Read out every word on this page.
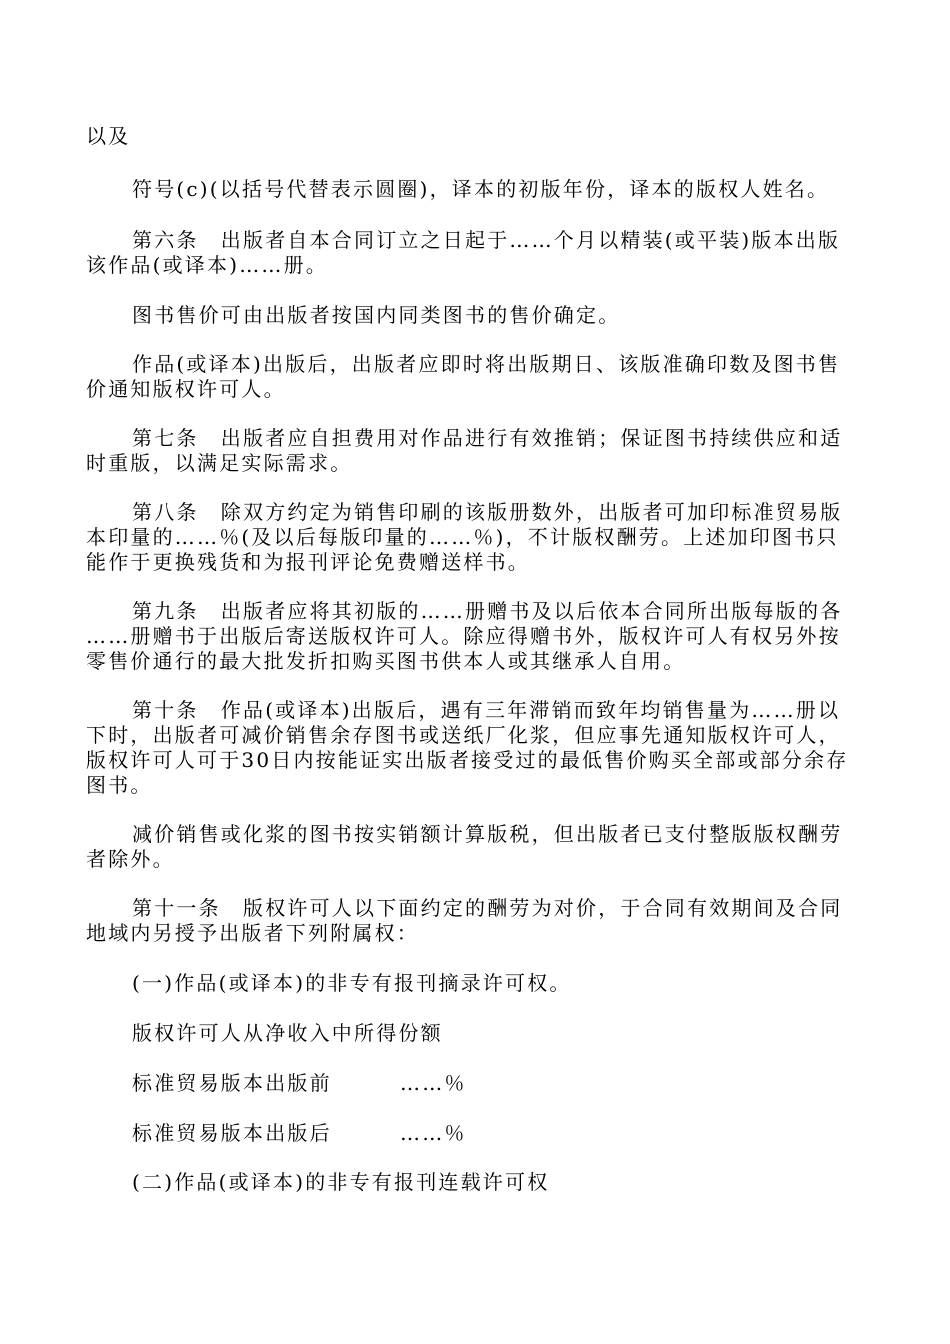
以及

符号(c)(以括号代替表示圆圈)，译本的初版年份，译本的版权人姓名。

第六条　出版者自本合同订立之日起于……个月以精装(或平装)版本出版
该作品(或译本)……册。

图书售价可由出版者按国内同类图书的售价确定。

作品(或译本)出版后，出版者应即时将出版期日、该版准确印数及图书售
价通知版权许可人。

第七条　出版者应自担费用对作品进行有效推销；保证图书持续供应和适
时重版，以满足实际需求。

第八条　除双方约定为销售印刷的该版册数外，出版者可加印标准贸易版
本印量的……％(及以后每版印量的……％)，不计版权酬劳。上述加印图书只
能作于更换残货和为报刊评论免费赠送样书。

第九条　出版者应将其初版的……册赠书及以后依本合同所出版每版的各
……册赠书于出版后寄送版权许可人。除应得赠书外，版权许可人有权另外按
零售价通行的最大批发折扣购买图书供本人或其继承人自用。

第十条　作品(或译本)出版后，遇有三年滞销而致年均销售量为……册以
下时，出版者可减价销售余存图书或送纸厂化浆，但应事先通知版权许可人，
版权许可人可于30日内按能证实出版者接受过的最低售价购买全部或部分余存
图书。

减价销售或化浆的图书按实销额计算版税，但出版者已支付整版版权酬劳
者除外。

第十一条　版权许可人以下面约定的酬劳为对价，于合同有效期间及合同
地域内另授予出版者下列附属权：

(一)作品(或译本)的非专有报刊摘录许可权。

版权许可人从净收入中所得份额

标准贸易版本出版前	……％
标准贸易版本出版后	……％

(二)作品(或译本)的非专有报刊连载许可权
